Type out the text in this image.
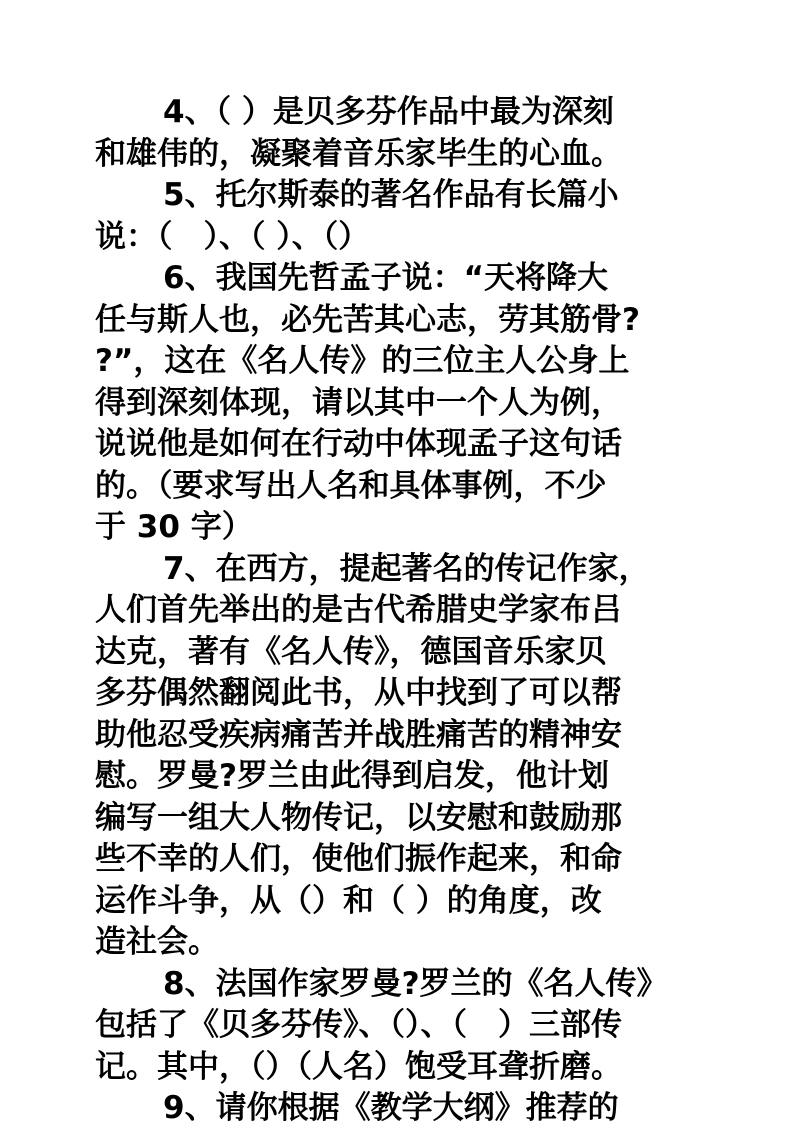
4、（ ）是贝多芬作品中最为深刻
和雄伟的，凝聚着音乐家毕生的心血。
5、托尔斯泰的著名作品有长篇小
说：（　）、（ ）、（）
6、我国先哲孟子说：“天将降大
任与斯人也，必先苦其心志，劳其筋骨?
?”，这在《名人传》的三位主人公身上
得到深刻体现，请以其中一个人为例，
说说他是如何在行动中体现孟子这句话
的。（要求写出人名和具体事例，不少
于 30 字）
7、在西方，提起著名的传记作家，
人们首先举出的是古代希腊史学家布吕
达克，著有《名人传》，德国音乐家贝
多芬偶然翻阅此书，从中找到了可以帮
助他忍受疾病痛苦并战胜痛苦的精神安
慰。罗曼?罗兰由此得到启发，他计划
编写一组大人物传记，以安慰和鼓励那
些不幸的人们，使他们振作起来，和命
运作斗争，从（）和（ ）的角度，改
造社会。
8、法国作家罗曼?罗兰的《名人传》
包括了《贝多芬传》、（）、（　）三部传
记。其中，（）（人名）饱受耳聋折磨。
9、请你根据《教学大纲》推荐的
